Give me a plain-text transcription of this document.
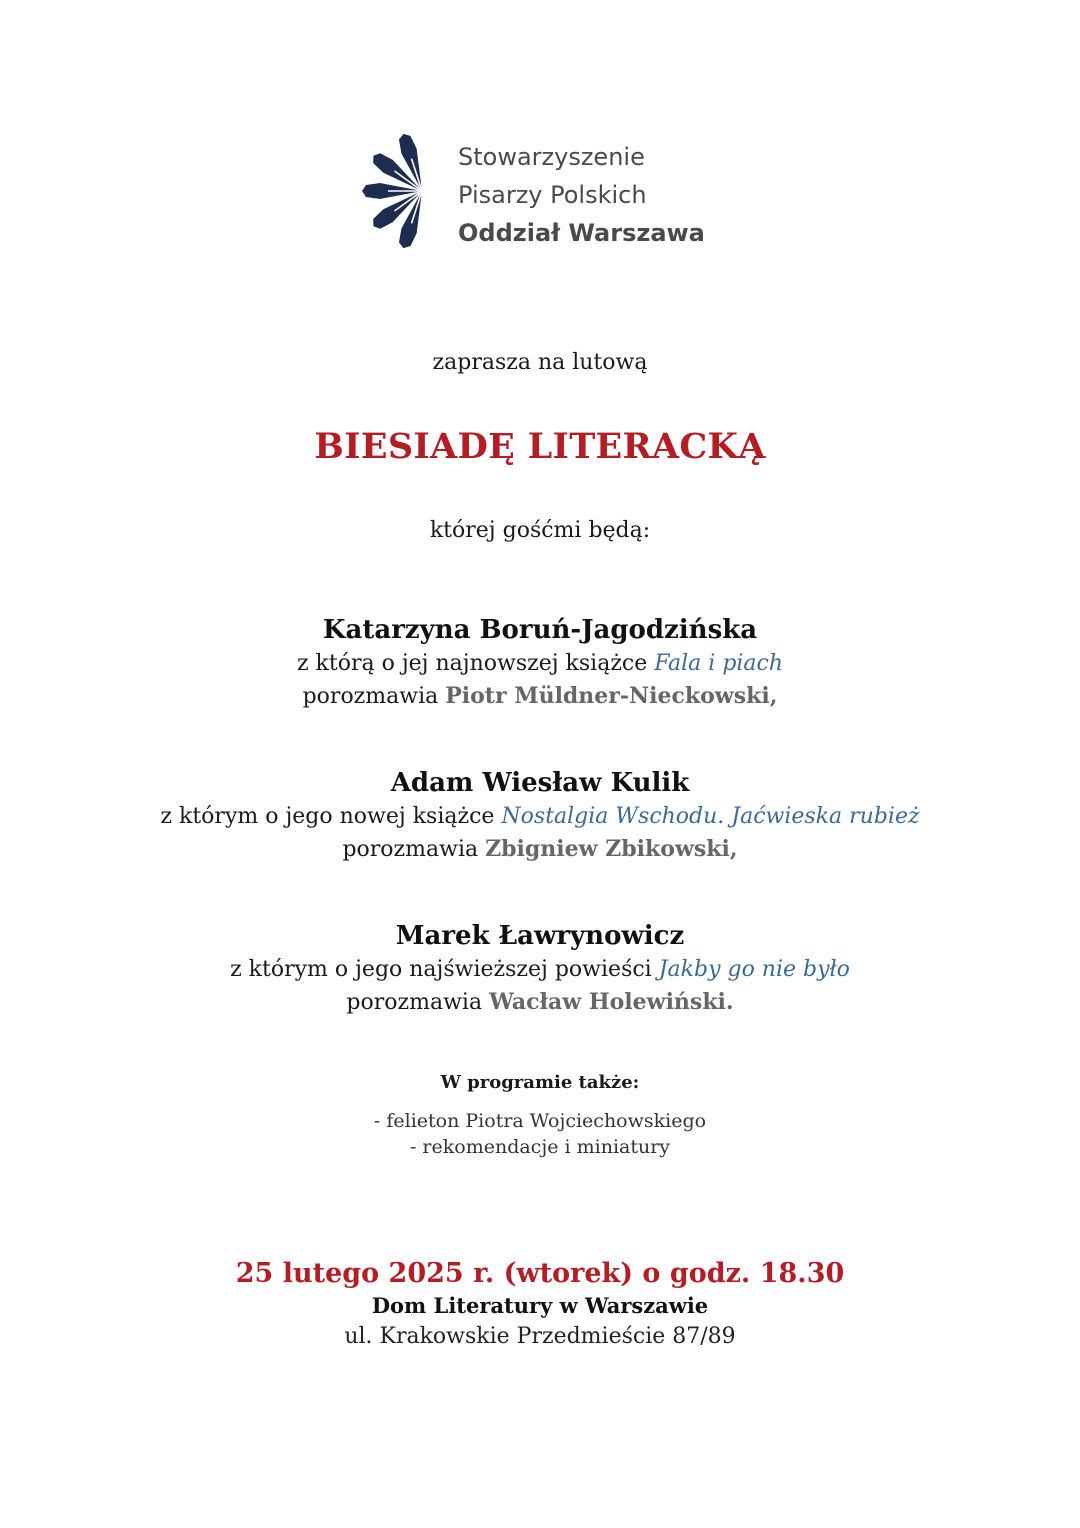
Stowarzyszenie
Pisarzy Polskich
Oddział Warszawa
zaprasza na lutową
BIESIADĘ LITERACKĄ
której gośćmi będą:
Katarzyna Boruń-Jagodzińska
z którą o jej najnowszej książce Fala i piach
porozmawia Piotr Müldner-Nieckowski,
Adam Wiesław Kulik
z którym o jego nowej książce Nostalgia Wschodu. Jaćwieska rubież
porozmawia Zbigniew Zbikowski,
Marek Ławrynowicz
z którym o jego najświeższej powieści Jakby go nie było
porozmawia Wacław Holewiński.
W programie także:
- felieton Piotra Wojciechowskiego
- rekomendacje i miniatury
25 lutego 2025 r. (wtorek) o godz. 18.30
Dom Literatury w Warszawie
ul. Krakowskie Przedmieście 87/89
